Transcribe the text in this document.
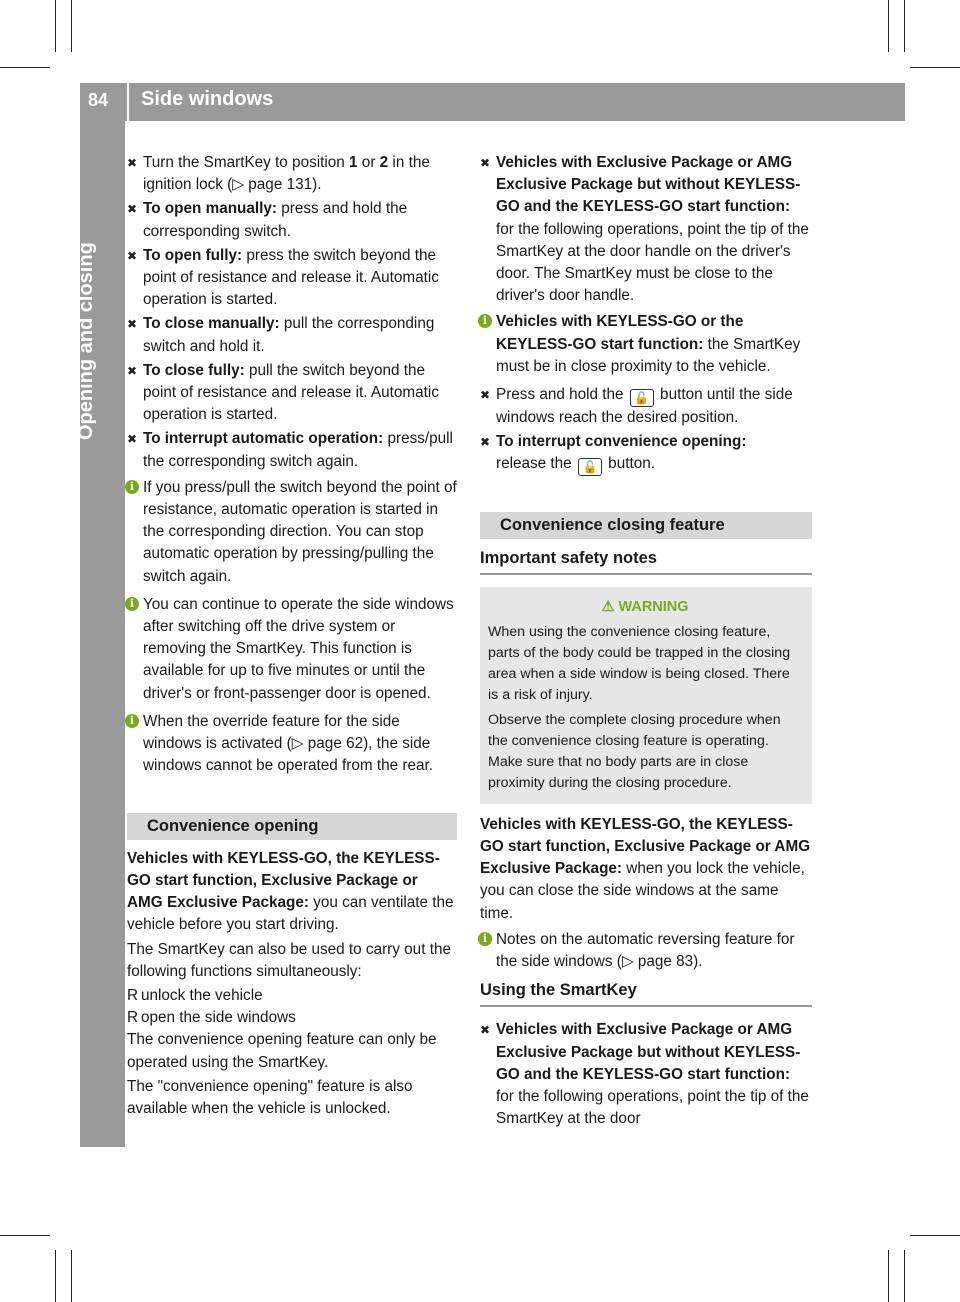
84 Side windows
Opening and closing
✖ Turn the SmartKey to position 1 or 2 in the ignition lock (▷ page 131).
✖ To open manually: press and hold the corresponding switch.
✖ To open fully: press the switch beyond the point of resistance and release it. Automatic operation is started.
✖ To close manually: pull the corresponding switch and hold it.
✖ To close fully: pull the switch beyond the point of resistance and release it. Automatic operation is started.
✖ To interrupt automatic operation: press/pull the corresponding switch again.
i If you press/pull the switch beyond the point of resistance, automatic operation is started in the corresponding direction. You can stop automatic operation by pressing/pulling the switch again.
i You can continue to operate the side windows after switching off the drive system or removing the SmartKey. This function is available for up to five minutes or until the driver's or front-passenger door is opened.
i When the override feature for the side windows is activated (▷ page 62), the side windows cannot be operated from the rear.
Convenience opening

Vehicles with KEYLESS-GO, the KEYLESS-GO start function, Exclusive Package or AMG Exclusive Package: you can ventilate the vehicle before you start driving.

The SmartKey can also be used to carry out the following functions simultaneously:

R unlock the vehicle
R open the side windows

The convenience opening feature can only be operated using the SmartKey.

The "convenience opening" feature is also available when the vehicle is unlocked.

✖ Vehicles with Exclusive Package or AMG Exclusive Package but without KEYLESS-GO and the KEYLESS-GO start function: for the following operations, point the tip of the SmartKey at the door handle on the driver's door. The SmartKey must be close to the driver's door handle.
i Vehicles with KEYLESS-GO or the KEYLESS-GO start function: the SmartKey must be in close proximity to the vehicle.
✖ Press and hold the 🔓 button until the side windows reach the desired position.
✖ To interrupt convenience opening:
release the 🔓 button.
Convenience closing feature
Important safety notes
⚠ WARNING

When using the convenience closing feature, parts of the body could be trapped in the closing area when a side window is being closed. There is a risk of injury.

Observe the complete closing procedure when the convenience closing feature is operating. Make sure that no body parts are in close proximity during the closing procedure.

Vehicles with KEYLESS-GO, the KEYLESS-GO start function, Exclusive Package or AMG Exclusive Package: when you lock the vehicle, you can close the side windows at the same time.

i Notes on the automatic reversing feature for the side windows (▷ page 83).
Using the SmartKey
✖ Vehicles with Exclusive Package or AMG Exclusive Package but without KEYLESS-GO and the KEYLESS-GO start function: for the following operations, point the tip of the SmartKey at the door
